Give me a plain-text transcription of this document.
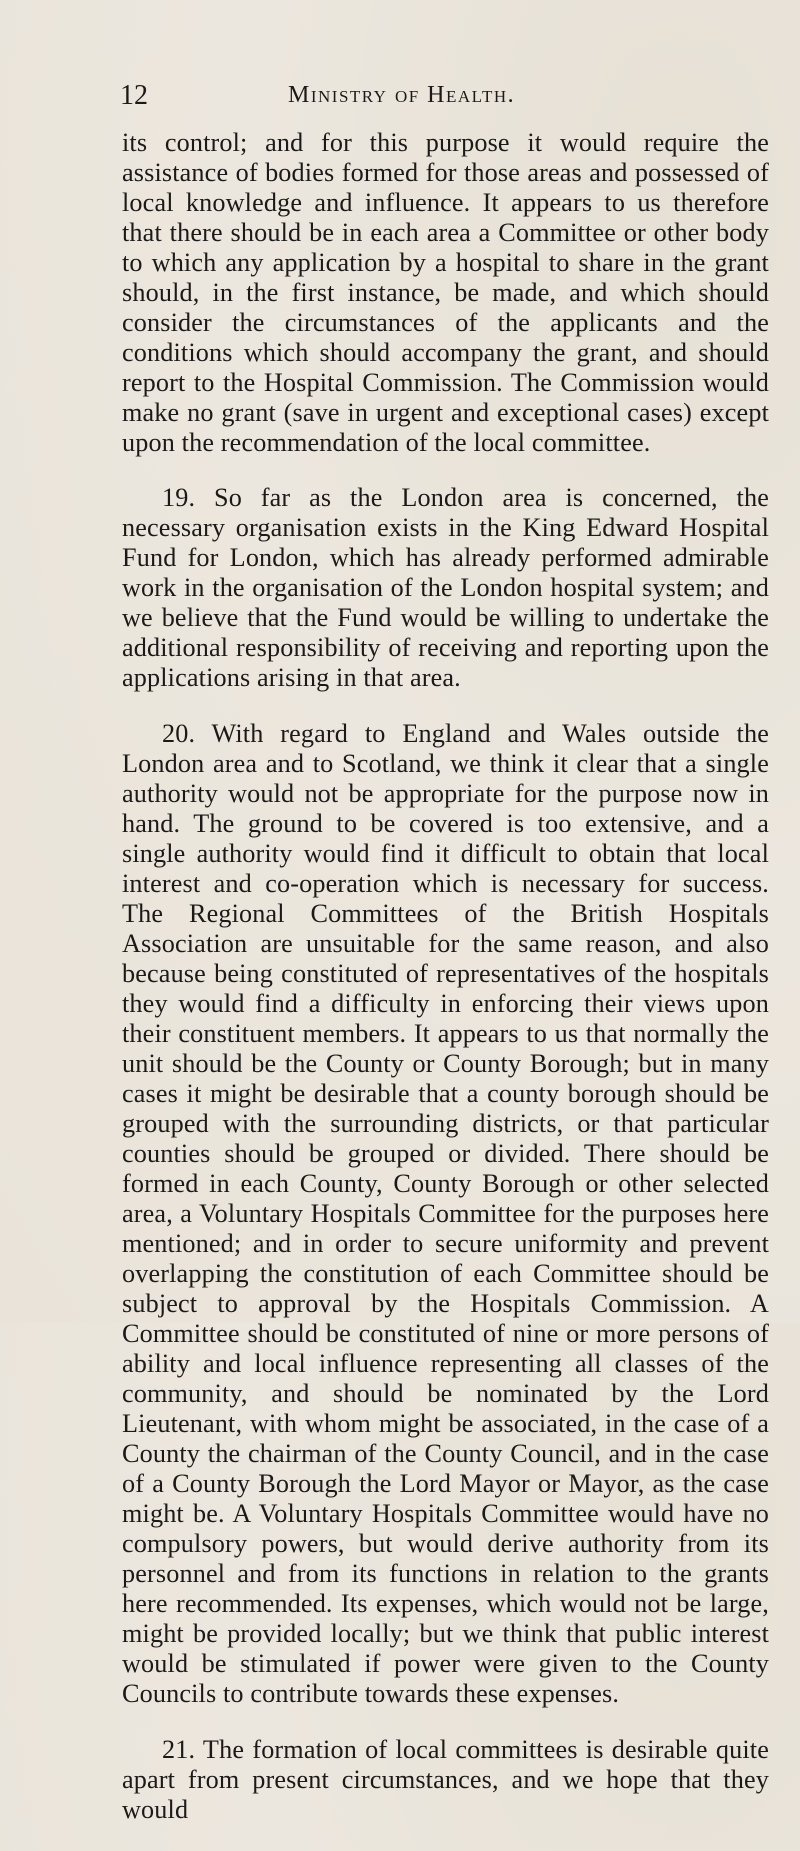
12	Ministry of Health.

its control; and for this purpose it would require the assistance of bodies formed for those areas and possessed of local knowledge and influence. It appears to us therefore that there should be in each area a Committee or other body to which any application by a hospital to share in the grant should, in the first instance, be made, and which should consider the circumstances of the applicants and the conditions which should accompany the grant, and should report to the Hospital Commission. The Commission would make no grant (save in urgent and exceptional cases) except upon the recommendation of the local committee.

19. So far as the London area is concerned, the necessary organisation exists in the King Edward Hospital Fund for London, which has already performed admirable work in the organisation of the London hospital system; and we believe that the Fund would be willing to undertake the additional responsibility of receiving and reporting upon the applications arising in that area.

20. With regard to England and Wales outside the London area and to Scotland, we think it clear that a single authority would not be appropriate for the purpose now in hand. The ground to be covered is too extensive, and a single authority would find it difficult to obtain that local interest and co-operation which is necessary for success. The Regional Committees of the British Hospitals Association are unsuitable for the same reason, and also because being constituted of representatives of the hospitals they would find a difficulty in enforcing their views upon their constituent members. It appears to us that normally the unit should be the County or County Borough; but in many cases it might be desirable that a county borough should be grouped with the surrounding districts, or that particular counties should be grouped or divided. There should be formed in each County, County Borough or other selected area, a Voluntary Hospitals Committee for the purposes here mentioned; and in order to secure uniformity and prevent overlapping the constitution of each Committee should be subject to approval by the Hospitals Commission. A Committee should be constituted of nine or more persons of ability and local influence representing all classes of the community, and should be nominated by the Lord Lieutenant, with whom might be associated, in the case of a County the chairman of the County Council, and in the case of a County Borough the Lord Mayor or Mayor, as the case might be. A Voluntary Hospitals Committee would have no compulsory powers, but would derive authority from its personnel and from its functions in relation to the grants here recommended. Its expenses, which would not be large, might be provided locally; but we think that public interest would be stimulated if power were given to the County Councils to contribute towards these expenses.

21. The formation of local committees is desirable quite apart from present circumstances, and we hope that they would
